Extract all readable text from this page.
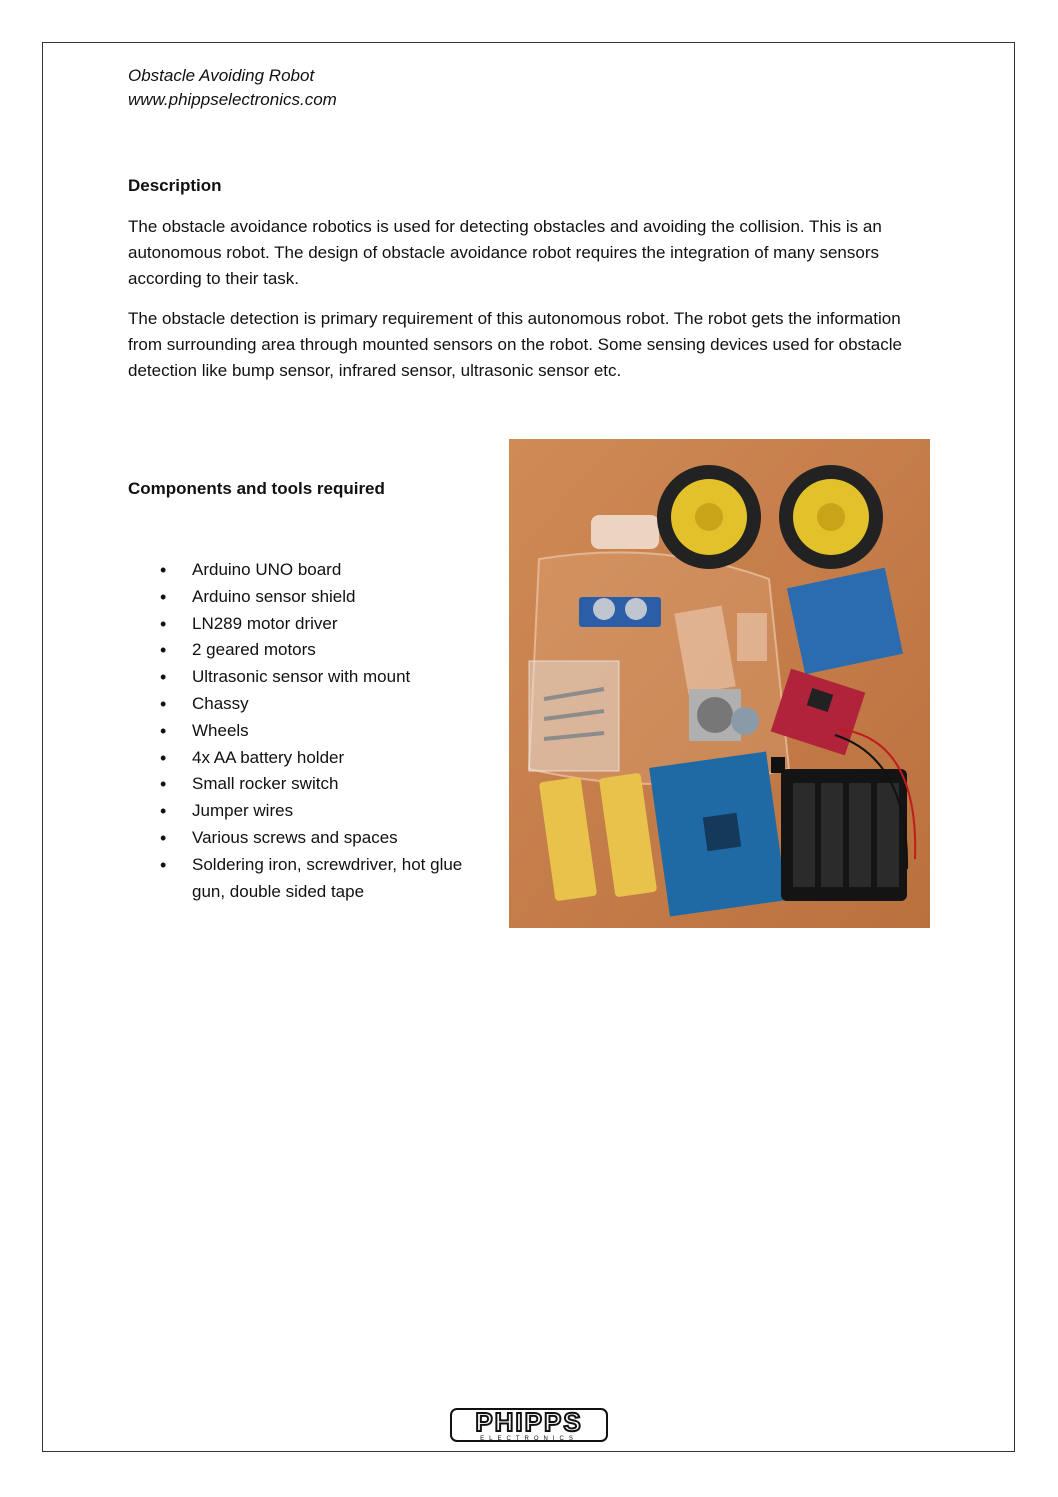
Obstacle Avoiding Robot
www.phippselectronics.com
Description

The obstacle avoidance robotics is used for detecting obstacles and avoiding the collision. This is an autonomous robot. The design of obstacle avoidance robot requires the integration of many sensors according to their task.

The obstacle detection is primary requirement of this autonomous robot. The robot gets the information from surrounding area through mounted sensors on the robot. Some sensing devices used for obstacle detection like bump sensor, infrared sensor, ultrasonic sensor etc.

Components and tools required
• Arduino UNO board
• Arduino sensor shield
• LN289 motor driver
• 2 geared motors
• Ultrasonic sensor with mount
• Chassy
• Wheels
• 4x AA battery holder
• Small rocker switch
• Jumper wires
• Various screws and spaces
• Soldering iron, screwdriver, hot glue gun, double sided tape
PHIPPS
ELECTRONICS
